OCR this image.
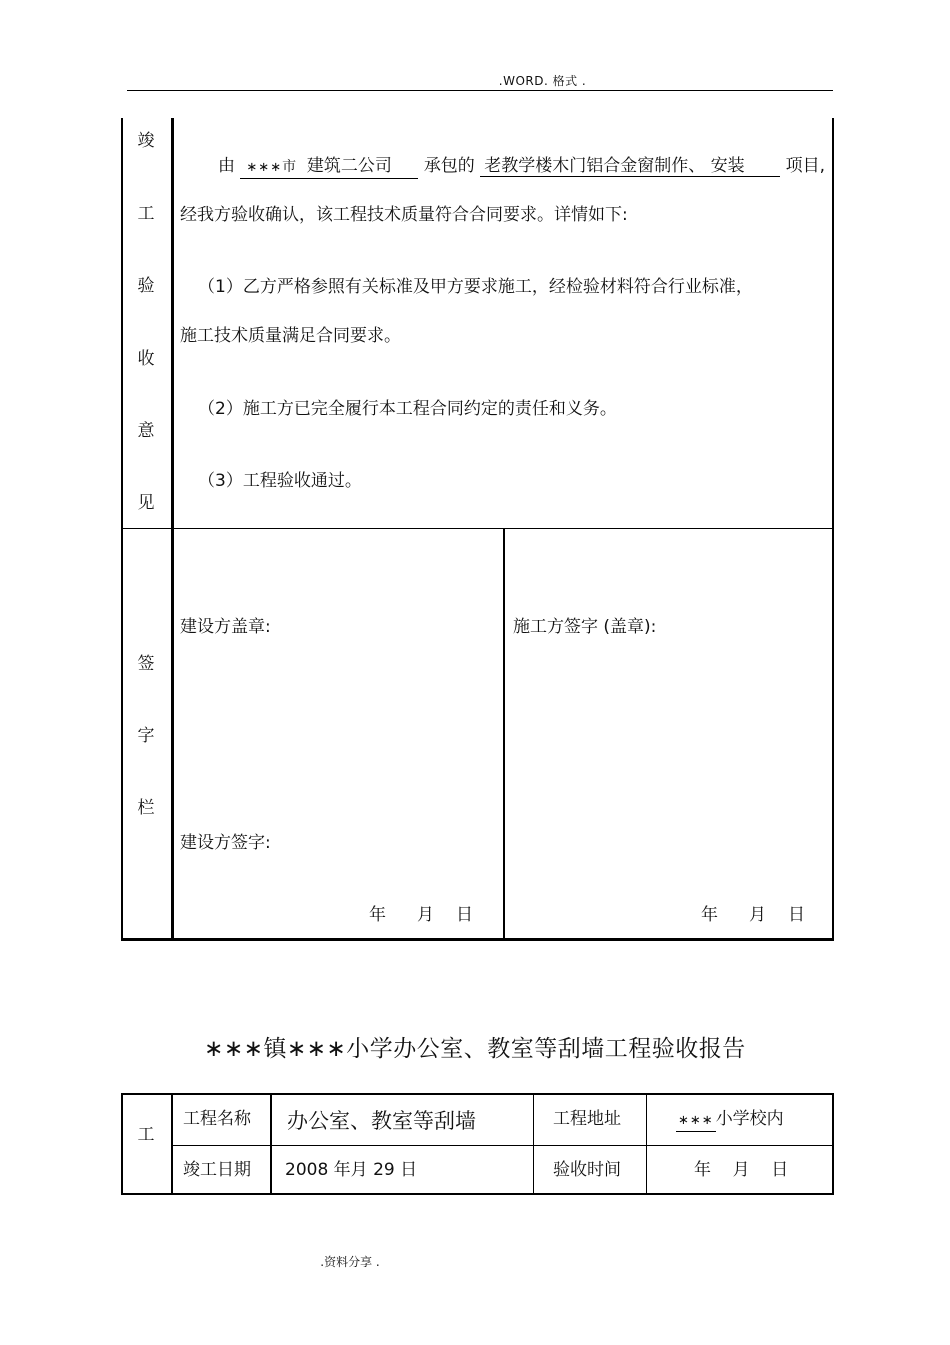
.WORD. 格式 .
竣
工
验
收
意
见
由 ∗∗∗市 建筑二公司 承包的 老教学楼木门铝合金窗制作、 安装 项目,
经我方验收确认，该工程技术质量符合合同要求。详情如下:
（1）乙方严格参照有关标准及甲方要求施工，经检验材料符合行业标准，
施工技术质量满足合同要求。
（2）施工方已完全履行本工程合同约定的责任和义务。
（3）工程验收通过。
签
字
栏
建设方盖章:
建设方签字:
施工方签字 (盖章):
年 月 日	年 月 日
∗∗∗镇∗∗∗小学办公室、教室等刮墙工程验收报告
工
工程名称 办公室、教室等刮墙	工程地址	∗∗∗ 小学校内
竣工日期 2008 年月 29 日	验收时间	年    月    日
.资料分享 .
